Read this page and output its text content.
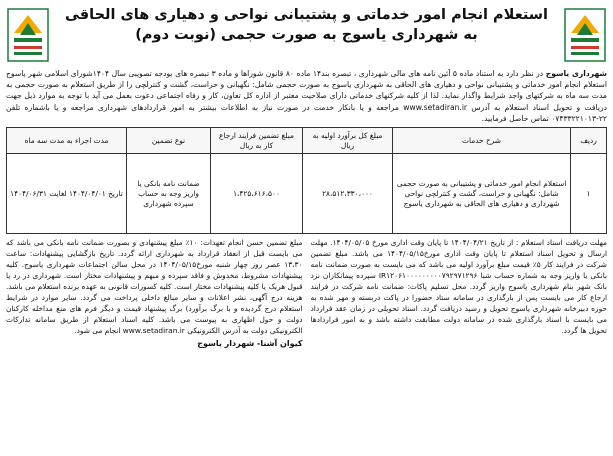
استعلام انجام امور خدماتی و پشتیبانی نواحی و دهیاری های الحاقی
به شهرداری یاسوج به صورت حجمی (نوبت دوم)

شهرداری یاسوج در نظر دارد به استناد ماده ۵ آئین نامه های مالی شهرداری ، تبصره بند۱۴ ماده ۸۰ قانون شوراها و ماده ۳ تبصره های بودجه تصویبی سال ۱۴۰۴شورای اسلامی شهر یاسوج استعلام انجام امور خدماتی و پشتیبانی نواحی و دهیاری های الحاقی به شهرداری یاسوج به صورت حجمی شامل: نگهبانی و حراست، گشت و کنترلچی را از طریق استعلام به صورت حجمی به مدت سه ماه به شرکتهای واجد شرایط واگذار نماید. لذا از کلیه شرکتهای خدماتی دارای صلاحیت معتبر از اداره کل تعاون، کار و رفاه اجتماعی دعوت بعمل می آید با توجه به موارد ذیل جهت دریافت و تحویل اسناد استعلام به آدرس www.setadiran.ir مراجعه و یا بانکار خدمت در صورت نیاز به اطلاعات بیشتر به امور قراردادهای شهرداری مراجعه و یا باشماره تلفن ۲۲-۰۷۴۳۳۲۲۱۰۱۳ تماس حاصل فرمایید.

ردیف	شرح خدمات	مبلغ کل برآورد اولیه به ریال	مبلغ تضمین فرایند ارجاع کار به ریال	نوع تضمین	مدت اجراء به مدت سه ماه
۱	استعلام انجام امور خدماتی و پشتیبانی به صورت حجمی شامل: نگهبانی و حراست، گشت و کنترلچی نواحی شهرداری و دهیاری های الحاقی به شهرداری یاسوج	۲۸،۵۱۲،۳۳۰،۰۰۰	۱،۴۲۵،۶۱۶،۵۰۰	ضمانت نامه بانکی یا واریز وجه به حساب سپرده شهرداری	تاریخ ۱۴۰۴/۰۴/۰۱ لغایت ۱۴۰۴/۰۶/۳۱
مهلت دریافت اسناد استعلام : از تاریخ ۱۴۰۴/۰۴/۲۱ تا پایان وقت اداری مورخ ۱۴۰۴/۰۵/۰۵. مهلت ارسال و تحویل اسناد استعلام تا پایان وقت اداری مورخ۱۴۰۴/۰۵/۱۵ می باشد. مبلغ تضمین شرکت در فرایند کار ۵٪ قیمت مبلغ برآورد اولیه می باشد که می بایست به صورت ضمانت نامه بانکی یا واریز وجه به شماره حساب شبا IR۱۲۰۶۱۰۰۰۰۰۰۰۰۰۷۹۲۹۷۱۲۹۶ سپرده پیمانکاران نزد بانک شهر بنام شهرداری یاسوج واریز گردد. محل تسلیم پاکات: ضمانت نامه شرکت در فرایند ارجاع کار می بایست پس از بارگذاری در سامانه ستاد حضورا در پاکت دربسته و مهر شده به حوزه دبیرخانه شهرداری یاسوج تحویل و رسید دریافت گردد. اسناد تحویلی در زمان عقد قرارداد می بایست با اسناد بارگذاری شده در سامانه دولت مطابقت داشته باشد و به امور قراردادها تحویل ها گردد.
مبلغ تضمین حسن انجام تعهدات: ۱۰٪ مبلغ پیشنهادی و بصورت ضمانت نامه بانکی می باشد که می بایست قبل از انعقاد قرارداد به شهرداری ارائه گردد. تاریخ بازگشایی پیشنهادات: ساعت ۱۳،۳۰ عصر روز چهار شنبه مورخ۱۴۰۴/۰۵/۱۵ در محل سالن اجتماعات شهرداری یاسوج. کلیه پیشنهادات مشروط، مخدوش و فاقد سپرده و مبهم و پیشنهادات مختار است. شهرداری در رد یا قبول هریک یا کلیه پیشنهادات مختار است. کلیه کسورات قانونی به عهده برنده استعلام می باشد. هزینه درج آگهی، نشر اعلانات و سایر مبالغ داخلی پرداخت می گردد. سایر موارد در شرایط استعلام درج گردیده و با برگ برآورد) برگ پیشنهاد قیمت و دیگر فرم های منع مداخله کارکنان دولت و حول اظهاری به پیوست می باشد. کلیه اسناد استعلام از طریق سامانه تدارکات الکترونیکی دولت به آدرس الکترونیکی www.setadiran.ir انجام می شود.
کیوان آشنا- شهردار یاسوج
